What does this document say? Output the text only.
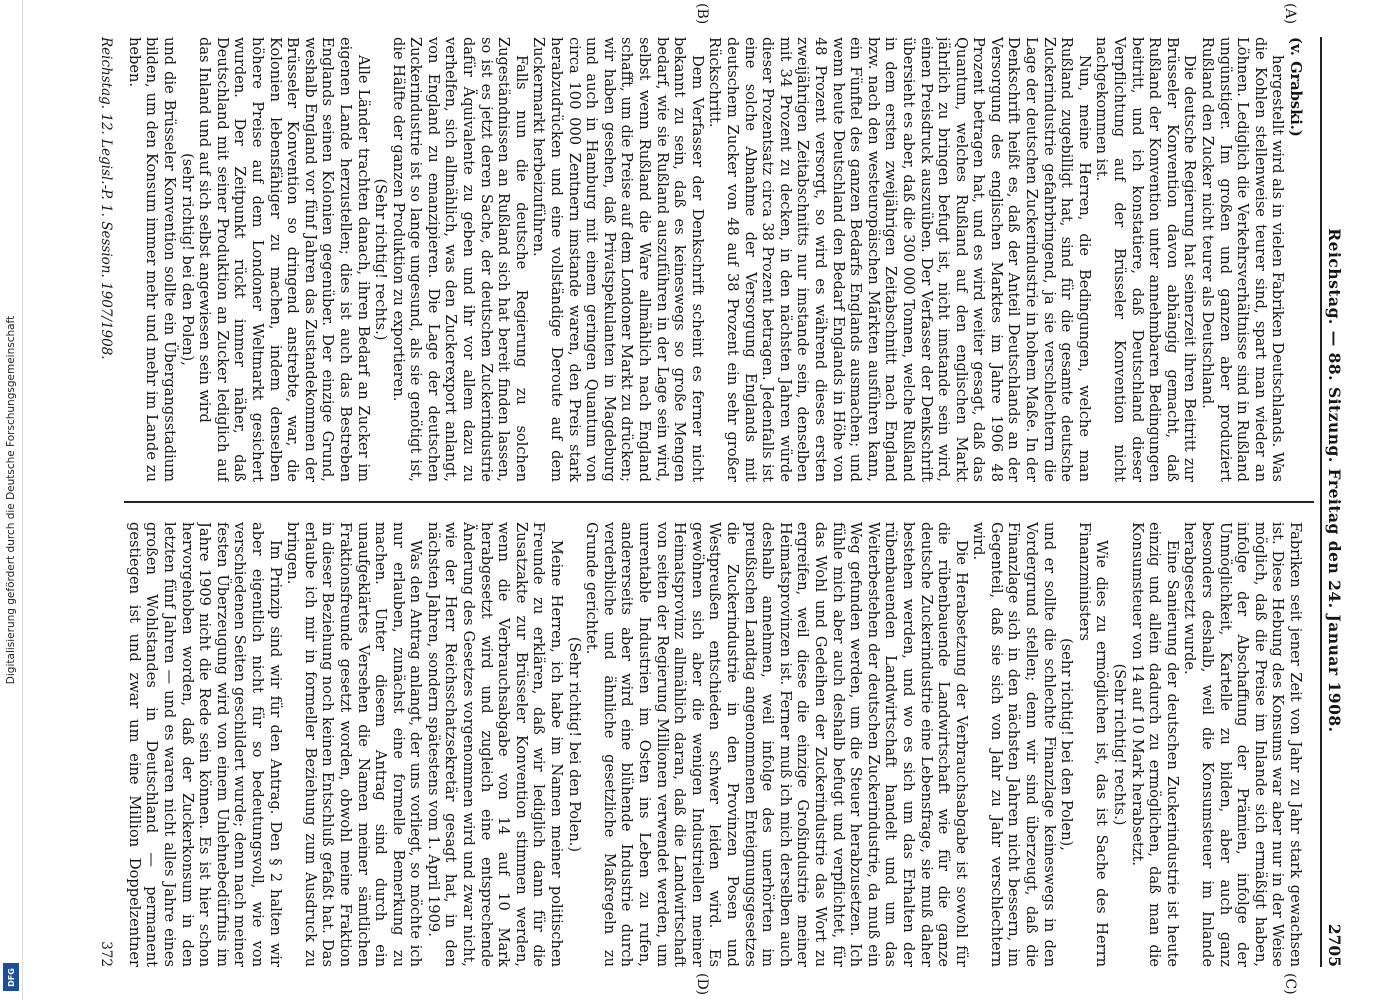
Digitalisierung gefördert durch die Deutsche Forschungsgemeinschaft
DFG
Reichstag. — 88. Sitzung. Freitag den 24. Januar 1908.
2705

(v. Grabski.)

hergestellt wird als in vielen Fabriken Deutschlands. Was die Kohlen stellenweise teurer sind, spart man wieder an Löhnen. Lediglich die Verkehrsverhältnisse sind in Rußland ungünstiger. Im großen und ganzen aber produziert Rußland den Zucker nicht teurer als Deutschland.

Die deutsche Regierung hat seinerzeit ihren Beitritt zur Brüsseler Konvention davon abhängig gemacht, daß Rußland der Konvention unter annehmbaren Bedingungen beitritt, und ich konstatiere, daß Deutschland dieser Verpflichtung auf der Brüsseler Konvention nicht nachgekommen ist.

Nun, meine Herren, die Bedingungen, welche man Rußland zugebilligt hat, sind für die gesamte deutsche Zuckerindustrie gefahrbringend, ja sie verschlechtern die Lage der deutschen Zuckerindustrie in hohem Maße. In der Denkschrift heißt es, daß der Anteil Deutschlands an der Versorgung des englischen Marktes im Jahre 1906 48 Prozent betragen hat, und es wird weiter gesagt, daß das Quantum, welches Rußland auf den englischen Markt jährlich zu bringen befugt ist, nicht imstande sein wird, einen Preisdruck auszuüben. Der Verfasser der Denkschrift übersieht es aber, daß die 300 000 Tonnen, welche Rußland in dem ersten zweijährigen Zeitabschnitt nach England bzw. nach den westeuropäischen Märkten ausführen kann, ein Fünftel des ganzen Bedarfs Englands ausmachen; und wenn heute Deutschland den Bedarf Englands in Höhe von 48 Prozent versorgt, so wird es während dieses ersten zweijährigen Zeitabschnitts nur imstande sein, denselben mit 34 Prozent zu decken, in den nächsten Jahren würde dieser Prozentsatz circa 38 Prozent betragen. Jedenfalls ist eine solche Abnahme der Versorgung Englands mit deutschem Zucker von 48 auf 38 Prozent ein sehr großer Rückschritt.

Dem Verfasser der Denkschrift scheint es ferner nicht bekannt zu sein, daß es keineswegs so große Mengen bedarf, wie sie Rußland auszuführen in der Lage sein wird, selbst wenn Rußland die Ware allmählich nach England schafft, um die Preise auf dem Londoner Markt zu drücken; wir haben gesehen, daß Privatspekulanten in Magdeburg und auch in Hamburg mit einem geringen Quantum von circa 100 000 Zentnern imstande waren, den Preis stark herabzudrücken und eine vollständige Deroute auf dem Zuckermarkt herbeizuführen.

Falls nun die deutsche Regierung zu solchen Zugeständnissen an Rußland sich hat bereit finden lassen, so ist es jetzt deren Sache, der deutschen Zuckerindustrie dafür Äquivalente zu geben und ihr vor allem dazu zu verhelfen, sich allmählich, was den Zuckerexport anlangt, von England zu emanzipieren. Die Lage der deutschen Zuckerindustrie ist so lange ungesund, als sie genötigt ist, die Hälfte der ganzen Produktion zu exportieren.

(Sehr richtig! rechts.)

Alle Länder trachten danach, ihren Bedarf an Zucker im eigenen Lande herzustellen; dies ist auch das Bestreben Englands seinen Kolonien gegenüber. Der einzige Grund, weshalb England vor fünf Jahren das Zustandekommen der Brüsseler Konvention so dringend anstrebte, war, die Kolonien lebensfähiger zu machen, indem denselben höhere Preise auf dem Londoner Weltmarkt gesichert wurden. Der Zeitpunkt rückt immer näher, daß Deutschland mit seiner Produktion an Zucker lediglich auf das Inland und auf sich selbst angewiesen sein wird

(sehr richtig! bei den Polen),

und die Brüsseler Konvention sollte ein Übergangsstadium bilden, um den Konsum immer mehr und mehr im Lande zu heben.

Fabriken seit jener Zeit von Jahr zu Jahr stark gewachsen ist. Diese Hebung des Konsums war aber nur in der Weise möglich, daß die Preise im Inlande sich ermäßigt haben, infolge der Abschaffung der Prämien, infolge der Unmöglichkeit, Kartelle zu bilden, aber auch ganz besonders deshalb, weil die Konsumsteuer im Inlande herabgesetzt wurde.

Eine Sanierung der deutschen Zuckerindustrie ist heute einzig und allein dadurch zu ermöglichen, daß man die Konsumsteuer von 14 auf 10 Mark herabsetzt.

(Sehr richtig! rechts.)

Wie dies zu ermöglichen ist, das ist Sache des Herrn Finanzministers

(sehr richtig! bei den Polen),

und er sollte die schlechte Finanzlage keineswegs in den Vordergrund stellen; denn wir sind überzeugt, daß die Finanzlage sich in den nächsten Jahren nicht bessern, im Gegenteil, daß sie sich von Jahr zu Jahr verschlechtern wird.

Die Herabsetzung der Verbrauchsabgabe ist sowohl für die rübenbauende Landwirtschaft wie für die ganze deutsche Zuckerindustrie eine Lebensfrage, sie muß daher bestehen werden, und wo es sich um das Erhalten der rübenbauenden Landwirtschaft handelt und um das Weiterbestehen der deutschen Zuckerindustrie, da muß ein Weg gefunden werden, um die Steuer herabzusetzen. Ich fühle mich aber auch deshalb befugt und verpflichtet, für das Wohl und Gedeihen der Zuckerindustrie das Wort zu ergreifen, weil diese die einzige Großindustrie meiner Heimatsprovinzen ist. Ferner muß ich mich derselben auch deshalb annehmen, weil infolge des unerhörten im preußischen Landtag angenommenen Enteignungsgesetzes die Zuckerindustrie in den Provinzen Posen und Westpreußen entschieden schwer leiden wird. Es gewöhnen sich aber die wenigen Industriellen meiner Heimatsprovinz allmählich daran, daß die Landwirtschaft von seiten der Regierung Millionen verwendet werden, um unrentable Industrien im Osten ins Leben zu rufen, andererseits aber wird eine blühende Industrie durch verderbliche und ähnliche gesetzliche Maßregeln zu Grunde gerichtet.

(Sehr richtig! bei den Polen.)

Meine Herren, ich habe im Namen meiner politischen Freunde zu erklären, daß wir lediglich dann für die Zusatzakte zur Brüsseler Konvention stimmen werden, wenn die Verbrauchsabgabe von 14 auf 10 Mark herabgesetzt wird und zugleich eine entsprechende Änderung des Gesetzes vorgenommen wird und zwar nicht, wie der Herr Reichsschatzsekretär gesagt hat, in den nächsten Jahren, sondern spätestens vom 1. April 1909.

Was den Antrag anlangt, der uns vorliegt, so möchte ich nur erlauben, zunächst eine formelle Bemerkung zu machen. Unter diesem Antrag sind durch ein unaufgeklärtes Versehen die Namen meiner sämtlichen Fraktionsfreunde gesetzt worden, obwohl meine Fraktion in dieser Beziehung noch keinen Entschluß gefaßt hat. Das erlaube ich mir in formeller Beziehung zum Ausdruck zu bringen.

Im Prinzip sind wir für den Antrag. Den § 2 halten wir aber eigentlich nicht für so bedeutungsvoll, wie von verschiedenen Seiten geschildert wurde; denn nach meiner festen Überzeugung wird von einem Unlehnebedürfnis im Jahre 1909 nicht die Rede sein können. Es ist hier schon hervorgehoben worden, daß der Zuckerkonsum in den letzten fünf Jahren — und es waren nicht alles Jahre eines großen Wohlstandes in Deutschland — permanent gestiegen ist und zwar um eine Million Doppelzentner

(A)
(B)
(C)
(D)
Reichstag. 12. Legisl.-P. 1. Session. 1907/1908.
372
